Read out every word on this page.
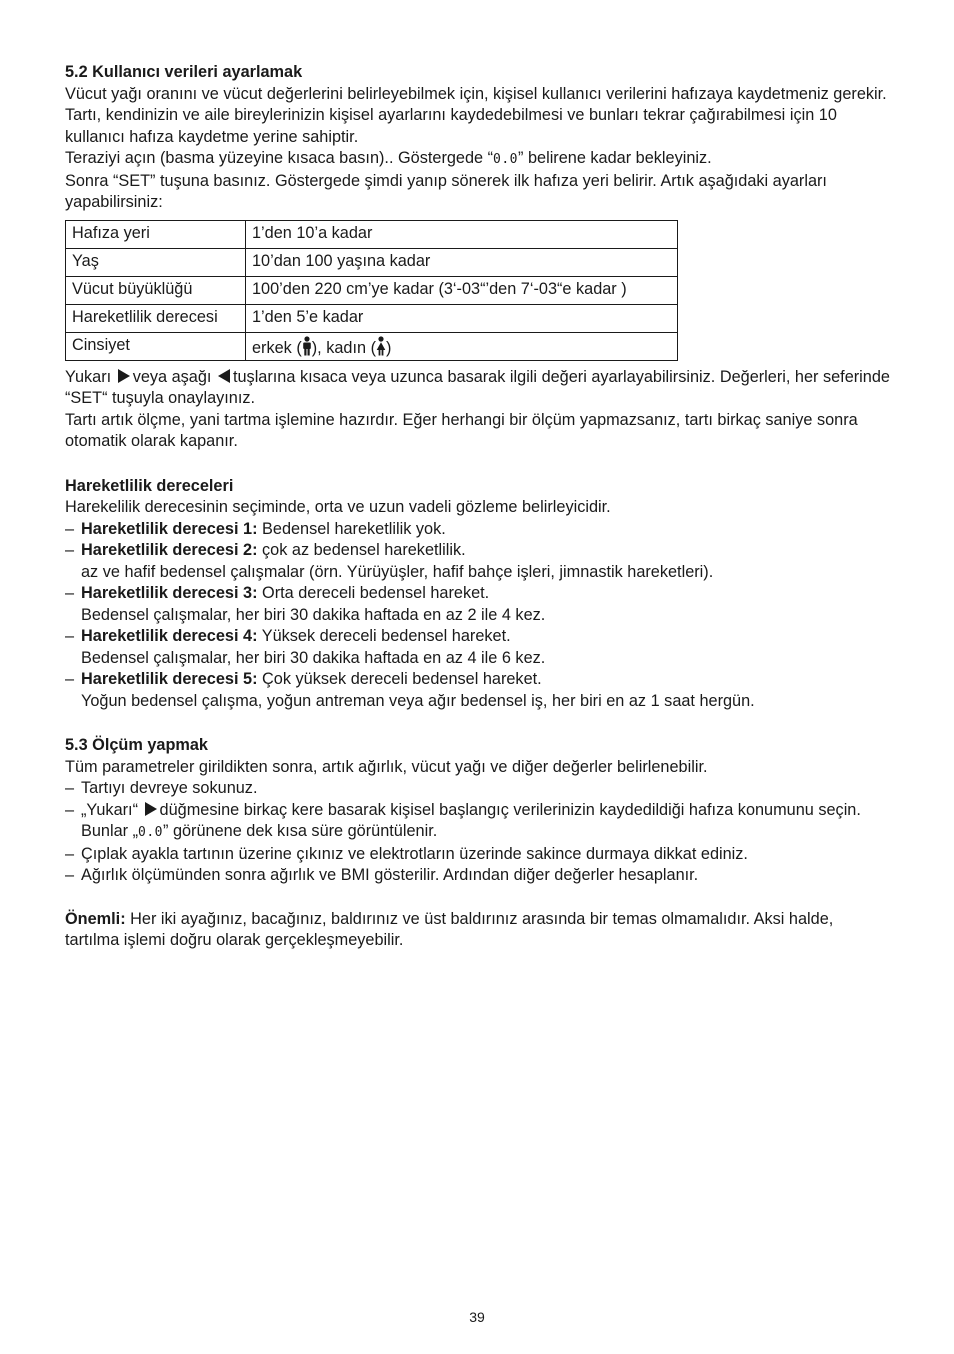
5.2 Kullanıcı verileri ayarlamak

Vücut yağı oranını ve vücut değerlerini belirleyebilmek için, kişisel kullanıcı verilerini hafızaya kaydetmeniz gerekir.

Tartı, kendinizin ve aile bireylerinizin kişisel ayarlarını kaydedebilmesi ve bunları tekrar çağırabilmesi için 10 kullanıcı hafıza kaydetme yerine sahiptir.

Teraziyi açın (basma yüzeyine kısaca basın).. Göstergede “0.0” belirene kadar bekleyiniz.

Sonra “SET” tuşuna basınız. Göstergede şimdi yanıp sönerek ilk hafıza yeri belirir. Artık aşağıdaki ayarları yapabilirsiniz:

Hafıza yeri	1’den 10’a kadar
Yaş	10’dan 100 yaşına kadar
Vücut büyüklüğü	100’den 220 cm’ye kadar (3‘-03“’den 7‘-03“e kadar )
Hareketlilik derecesi	1’den 5’e kadar
Cinsiyet	erkek ( ), kadın ( )

Yukarı veya aşağı tuşlarına kısaca veya uzunca basarak ilgili değeri ayarlayabilirsiniz. Değerleri, her seferinde “SET“ tuşuyla onaylayınız.

Tartı artık ölçme, yani tartma işlemine hazırdır. Eğer herhangi bir ölçüm yapmazsanız, tartı birkaç saniye sonra otomatik olarak kapanır.

Hareketlilik dereceleri

Harekelilik derecesinin seçiminde, orta ve uzun vadeli gözleme belirleyicidir.

– Hareketlilik derecesi 1: Bedensel hareketlilik yok.
– Hareketlilik derecesi 2: çok az bedensel hareketlilik.
az ve hafif bedensel çalışmalar (örn. Yürüyüşler, hafif bahçe işleri, jimnastik hareketleri).
– Hareketlilik derecesi 3: Orta dereceli bedensel hareket.
Bedensel çalışmalar, her biri 30 dakika haftada en az 2 ile 4 kez.
– Hareketlilik derecesi 4: Yüksek dereceli bedensel hareket.
Bedensel çalışmalar, her biri 30 dakika haftada en az 4 ile 6 kez.
– Hareketlilik derecesi 5: Çok yüksek dereceli bedensel hareket.
Yoğun bedensel çalışma, yoğun antreman veya ağır bedensel iş, her biri en az 1 saat hergün.
5.3 Ölçüm yapmak

Tüm parametreler girildikten sonra, artık ağırlık, vücut yağı ve diğer değerler belirlenebilir.

– Tartıyı devreye sokunuz.
– „Yukarı“ düğmesine birkaç kere basarak kişisel başlangıç verilerinizin kaydedildiği hafıza konumunu seçin. Bunlar „0.0” görünene dek kısa süre görüntülenir.
– Çıplak ayakla tartının üzerine çıkınız ve elektrotların üzerinde sakince durmaya dikkat ediniz.
– Ağırlık ölçümünden sonra ağırlık ve BMI gösterilir. Ardından diğer değerler hesaplanır.

Önemli: Her iki ayağınız, bacağınız, baldırınız ve üst baldırınız arasında bir temas olmamalıdır. Aksi halde, tartılma işlemi doğru olarak gerçekleşmeyebilir.

39
